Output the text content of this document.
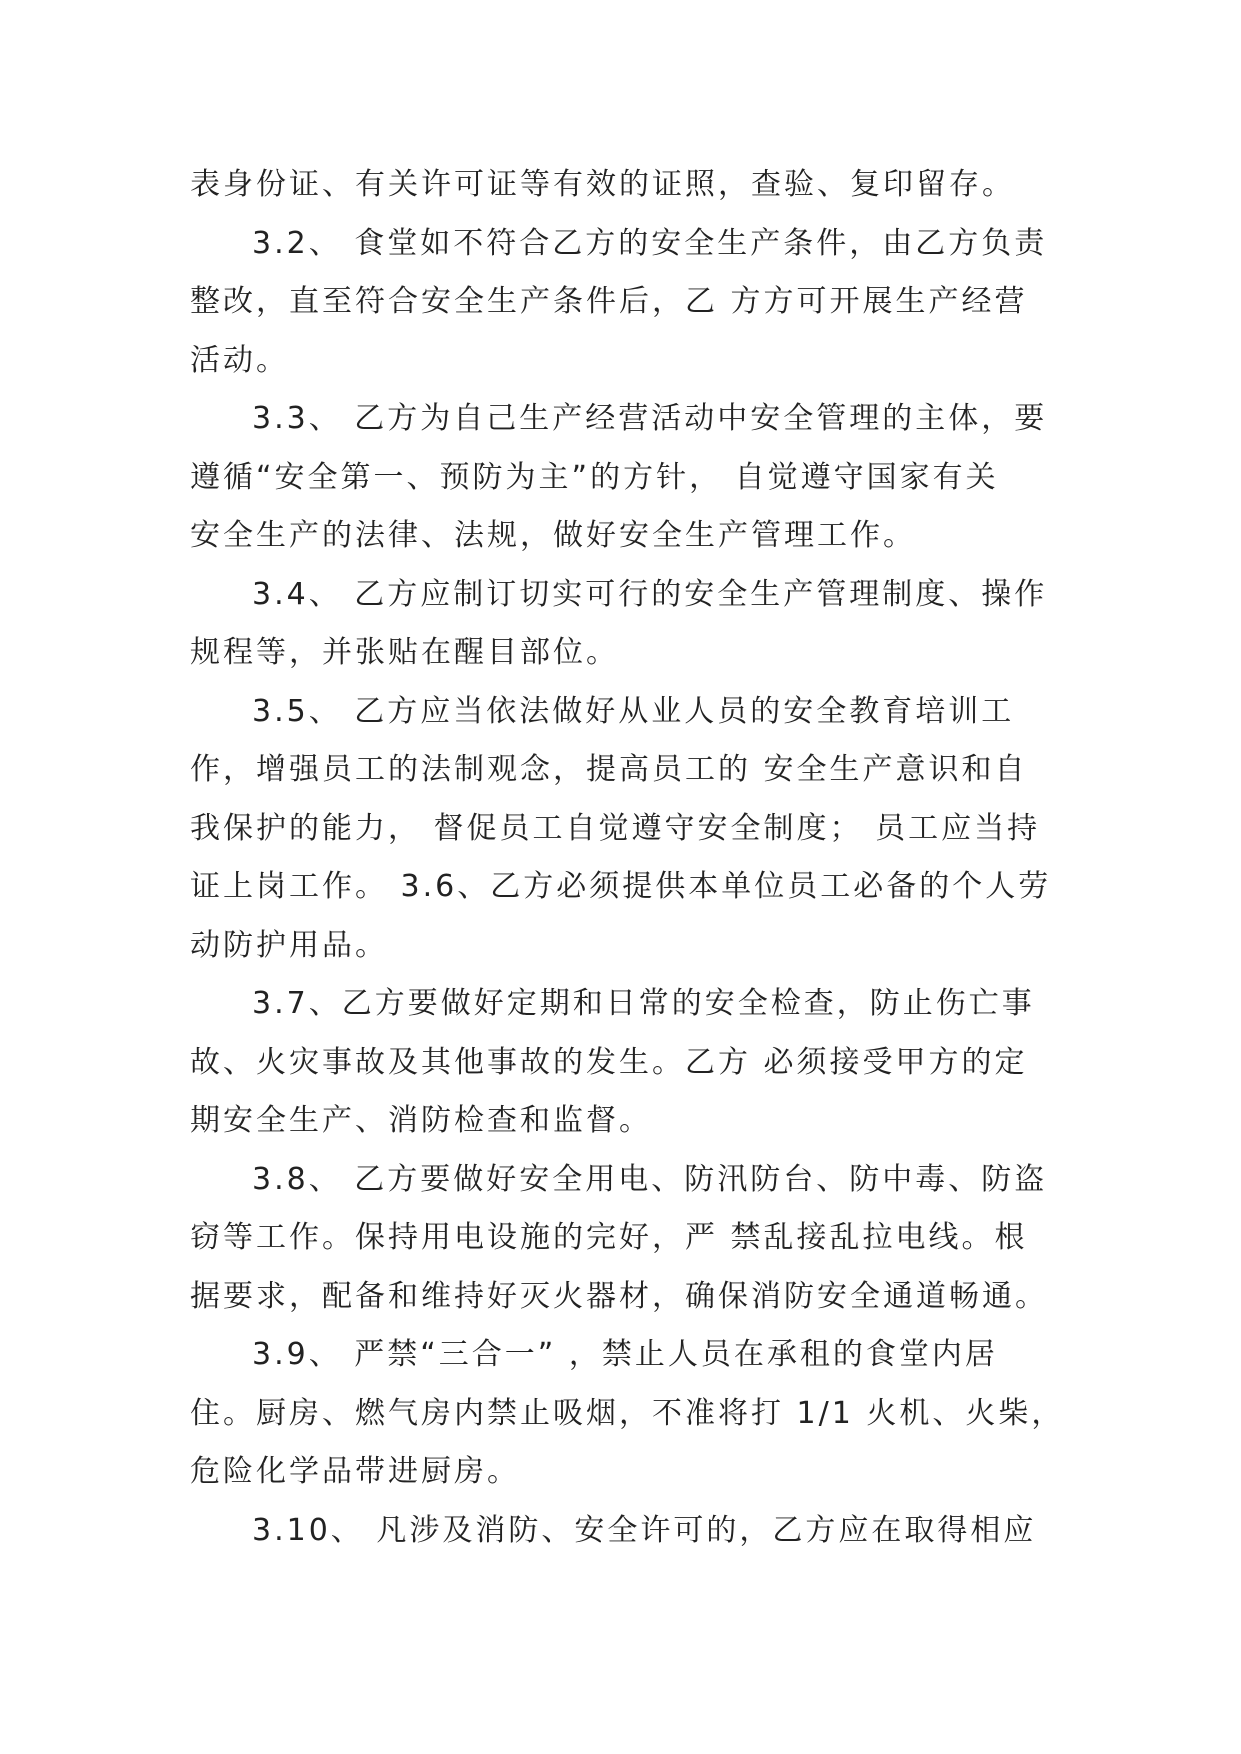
表身份证、有关许可证等有效的证照，查验、复印留存。
3.2、 食堂如不符合乙方的安全生产条件，由乙方负责
整改，直至符合安全生产条件后，乙 方方可开展生产经营
活动。
3.3、 乙方为自己生产经营活动中安全管理的主体，要
遵循“安全第一、预防为主”的方针， 自觉遵守国家有关
安全生产的法律、法规，做好安全生产管理工作。
3.4、 乙方应制订切实可行的安全生产管理制度、操作
规程等，并张贴在醒目部位。
3.5、 乙方应当依法做好从业人员的安全教育培训工
作，增强员工的法制观念，提高员工的 安全生产意识和自
我保护的能力， 督促员工自觉遵守安全制度； 员工应当持
证上岗工作。 3.6、乙方必须提供本单位员工必备的个人劳
动防护用品。
3.7、乙方要做好定期和日常的安全检查，防止伤亡事
故、火灾事故及其他事故的发生。乙方 必须接受甲方的定
期安全生产、消防检查和监督。
3.8、 乙方要做好安全用电、防汛防台、防中毒、防盗
窃等工作。保持用电设施的完好，严 禁乱接乱拉电线。根
据要求，配备和维持好灭火器材，确保消防安全通道畅通。
3.9、 严禁“三合一” ，禁止人员在承租的食堂内居
住。厨房、燃气房内禁止吸烟，不准将打 1/1 火机、火柴，
危险化学品带进厨房。
3.10、 凡涉及消防、安全许可的，乙方应在取得相应
